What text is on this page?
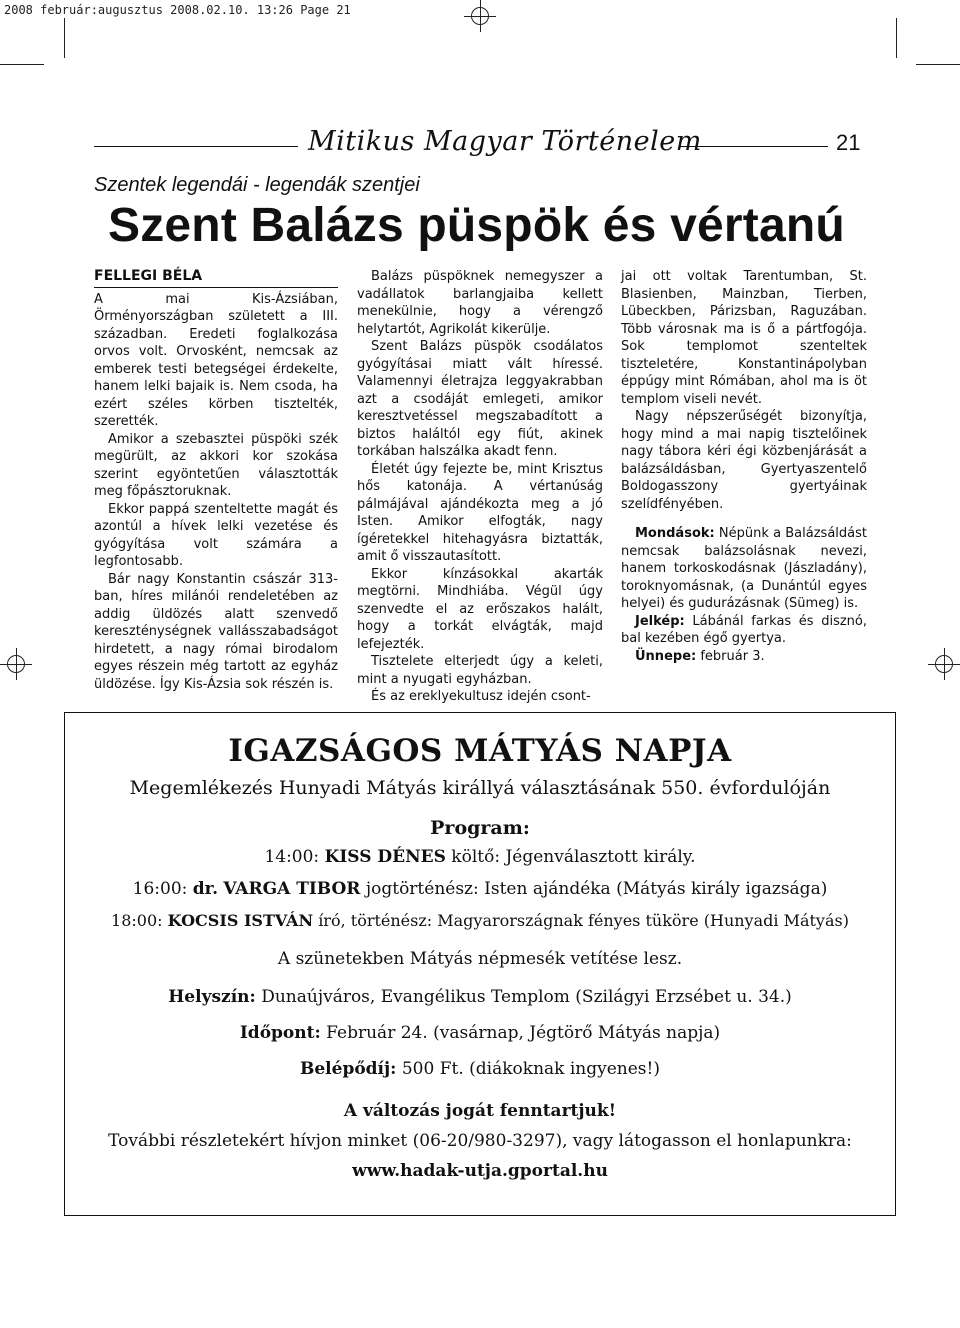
2008 február:augusztus 2008.02.10. 13:26 Page 21
Mitikus Magyar Történelem	21
Szentek legendái - legendák szentjei
Szent Balázs püspök és vértanú
FELLEGI BÉLA

A mai Kis-Ázsiában, Örményországban született a III. században. Eredeti foglalkozása orvos volt. Orvosként, nemcsak az emberek testi betegségei érdekelte, hanem lelki bajaik is. Nem csoda, ha ezért széles körben tisztelték, szerették.

Amikor a szebasztei püspöki szék megürült, az akkori kor szokása szerint egyöntetűen választották meg főpásztoruknak.

Ekkor pappá szenteltette magát és azontúl a hívek lelki vezetése és gyógyítása volt számára a legfontosabb.

Bár nagy Konstantin császár 313-ban, híres milánói rendeletében az addig üldözés alatt szenvedő kereszténységnek vallásszabadságot hirdetett, a nagy római birodalom egyes részein még tartott az egyház üldözése. Így Kis-Ázsia sok részén is.

Balázs püspöknek nemegyszer a vadállatok barlangjaiba kellett menekülnie, hogy a vérengző helytartót, Agrikolát kikerülje.

Szent Balázs püspök csodálatos gyógyításai miatt vált híressé. Valamennyi életrajza leggyakrabban azt a csodáját emlegeti, amikor keresztvetéssel megszabadított a biztos haláltól egy fiút, akinek torkában halszálka akadt fenn.

Életét úgy fejezte be, mint Krisztus hős katonája. A vértanúság pálmájával ajándékozta meg a jó Isten. Amikor elfogták, nagy ígéretekkel hitehagyásra biztatták, amit ő visszautasított.

Ekkor kínzásokkal akarták megtörni. Mindhiába. Végül úgy szenvedte el az erőszakos halált, hogy a torkát elvágták, majd lefejezték.

Tisztelete elterjedt úgy a keleti, mint a nyugati egyházban.

És az ereklyekultusz idején csont-

jai ott voltak Tarentumban, St. Blasienben, Mainzban, Tierben, Lübeckben, Párizsban, Raguzában. Több városnak ma is ő a pártfogója. Sok templomot szenteltek tiszteletére, Konstantinápolyban éppúgy mint Rómában, ahol ma is öt templom viseli nevét.

Nagy népszerűségét bizonyítja, hogy mind a mai napig tisztelőinek nagy tábora kéri égi közbenjárását a balázsáldásban, Gyertyaszentelő Boldogasszony gyertyáinak szelídfényében.

Mondások: Népünk a Balázsáldást nemcsak balázsolásnak nevezi, hanem torkoskodásnak (Jászladány), toroknyomásnak, (a Dunántúl egyes helyei) és gudurázásnak (Sümeg) is.

Jelkép: Lábánál farkas és disznó, bal kezében égő gyertya.

Ünnepe: február 3.

IGAZSÁGOS MÁTYÁS NAPJA
Megemlékezés Hunyadi Mátyás királlyá választásának 550. évfordulóján
Program:
14:00: KISS DÉNES költő: Jégenválasztott király.
16:00: dr. VARGA TIBOR jogtörténész: Isten ajándéka (Mátyás király igazsága)
18:00: KOCSIS ISTVÁN író, történész: Magyarországnak fényes tüköre (Hunyadi Mátyás)
A szünetekben Mátyás népmesék vetítése lesz.
Helyszín: Dunaújváros, Evangélikus Templom (Szilágyi Erzsébet u. 34.)
Időpont: Február 24. (vasárnap, Jégtörő Mátyás napja)
Belépődíj: 500 Ft. (diákoknak ingyenes!)
A változás jogát fenntartjuk!
További részletekért hívjon minket (06-20/980-3297), vagy látogasson el honlapunkra:
www.hadak-utja.gportal.hu
